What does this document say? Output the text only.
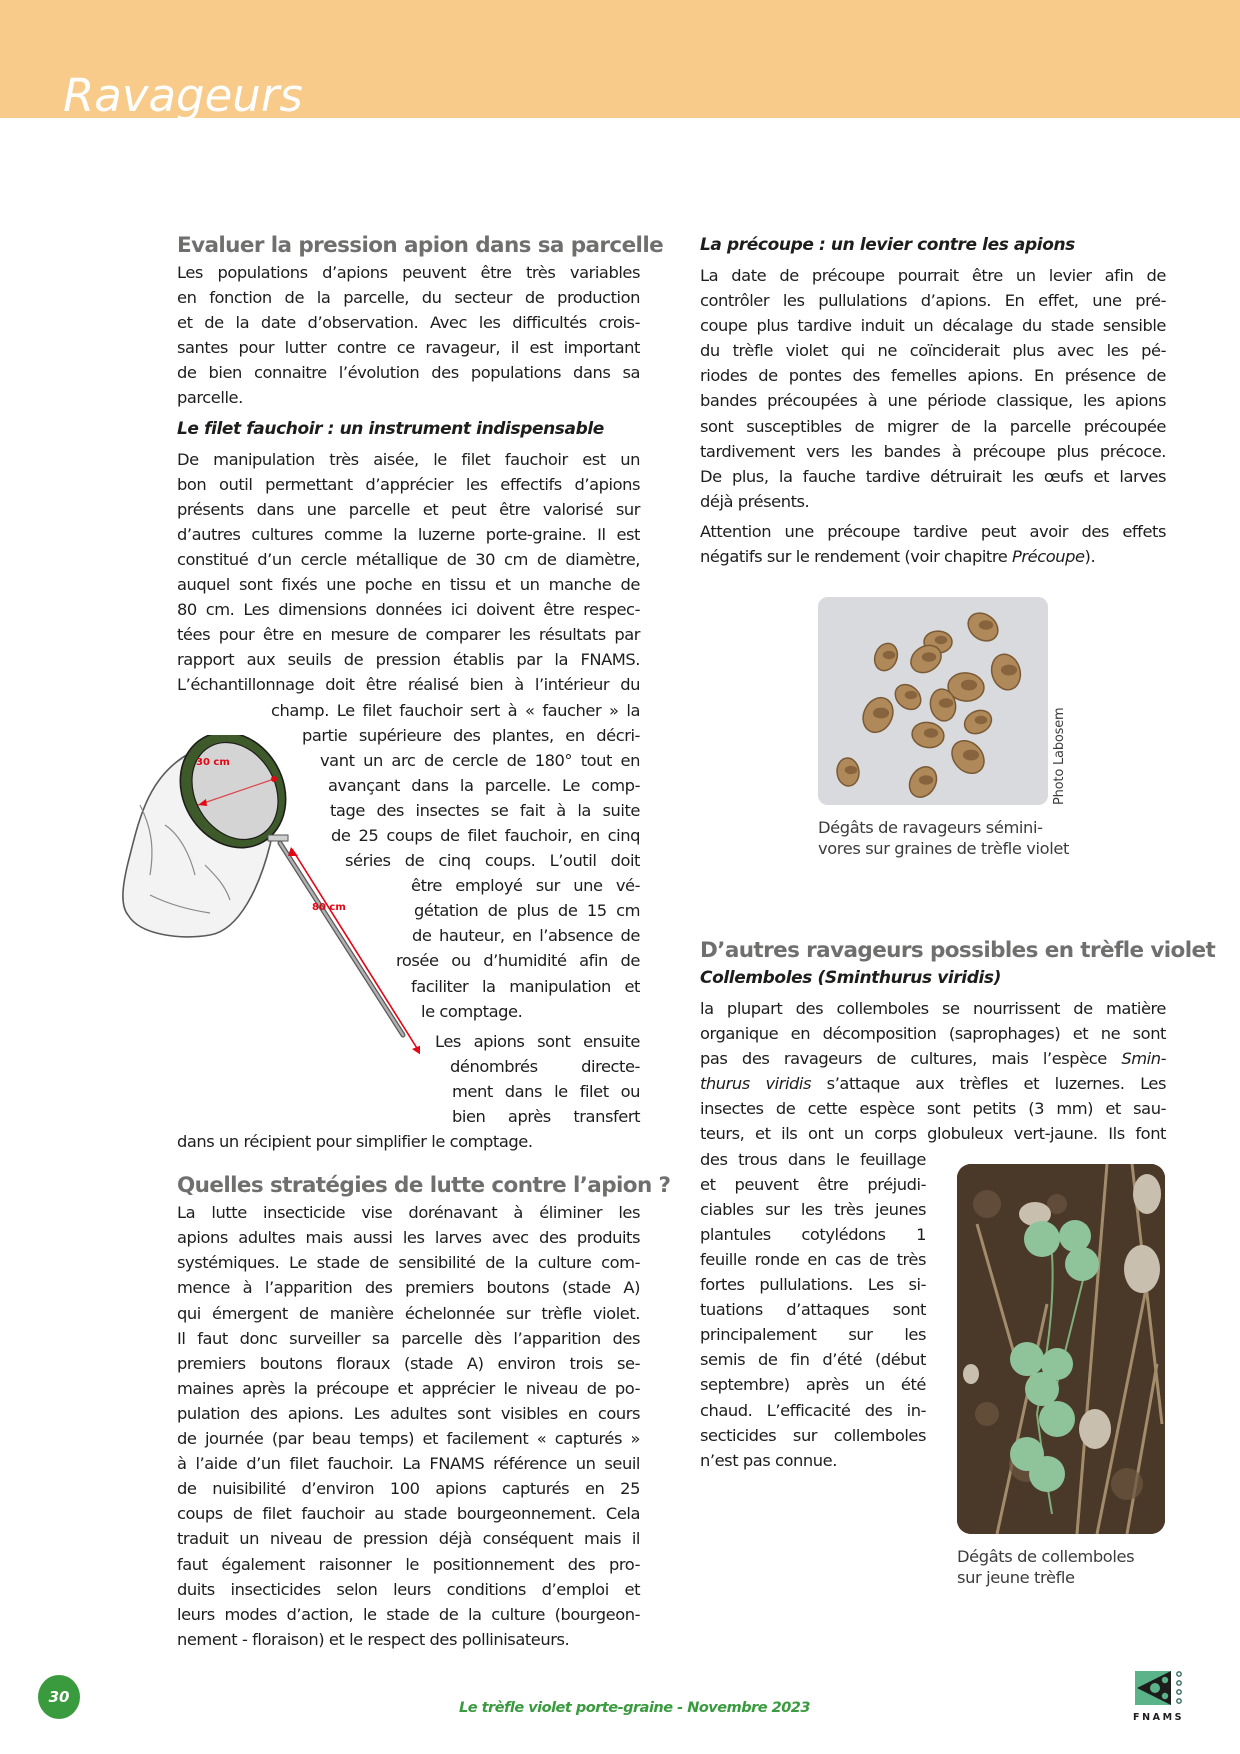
Ravageurs
Evaluer la pression apion dans sa parcelle
Les populations d’apions peuvent être très variables
en fonction de la parcelle, du secteur de production
et de la date d’observation. Avec les difficultés crois-
santes pour lutter contre ce ravageur, il est important
de bien connaitre l’évolution des populations dans sa
parcelle.
Le filet fauchoir : un instrument indispensable
De manipulation très aisée, le filet fauchoir est un
bon outil permettant d’apprécier les effectifs d’apions
présents dans une parcelle et peut être valorisé sur
d’autres cultures comme la luzerne porte-graine. Il est
constitué d’un cercle métallique de 30 cm de diamètre,
auquel sont fixés une poche en tissu et un manche de
80 cm. Les dimensions données ici doivent être respec-
tées pour être en mesure de comparer les résultats par
rapport aux seuils de pression établis par la FNAMS.
L’échantillonnage doit être réalisé bien à l’intérieur du
champ. Le filet fauchoir sert à « faucher » la
partie supérieure des plantes, en décri-
vant un arc de cercle de 180° tout en
avançant dans la parcelle. Le comp-
tage des insectes se fait à la suite
de 25 coups de filet fauchoir, en cinq
séries de cinq coups. L’outil doit
être employé sur une vé-
gétation de plus de 15 cm
de hauteur, en l’absence de
rosée ou d’humidité afin de
faciliter la manipulation et
le comptage.
Les apions sont ensuite
dénombrés directe-
ment dans le filet ou
bien après transfert
dans un récipient pour simplifier le comptage.
Quelles stratégies de lutte contre l’apion ?
La lutte insecticide vise dorénavant à éliminer les
apions adultes mais aussi les larves avec des produits
systémiques. Le stade de sensibilité de la culture com-
mence à l’apparition des premiers boutons (stade A)
qui émergent de manière échelonnée sur trèfle violet.
Il faut donc surveiller sa parcelle dès l’apparition des
premiers boutons floraux (stade A) environ trois se-
maines après la précoupe et apprécier le niveau de po-
pulation des apions. Les adultes sont visibles en cours
de journée (par beau temps) et facilement « capturés »
à l’aide d’un filet fauchoir. La FNAMS référence un seuil
de nuisibilité d’environ 100 apions capturés en 25
coups de filet fauchoir au stade bourgeonnement. Cela
traduit un niveau de pression déjà conséquent mais il
faut également raisonner le positionnement des pro-
duits insecticides selon leurs conditions d’emploi et
leurs modes d’action, le stade de la culture (bourgeon-
nement - floraison) et le respect des pollinisateurs.
30 cm
80 cm
La précoupe : un levier contre les apions
La date de précoupe pourrait être un levier afin de
contrôler les pullulations d’apions. En effet, une pré-
coupe plus tardive induit un décalage du stade sensible
du trèfle violet qui ne coïnciderait plus avec les pé-
riodes de pontes des femelles apions. En présence de
bandes précoupées à une période classique, les apions
sont susceptibles de migrer de la parcelle précoupée
tardivement vers les bandes à précoupe plus précoce.
De plus, la fauche tardive détruirait les œufs et larves
déjà présents.
Attention une précoupe tardive peut avoir des effets
négatifs sur le rendement (voir chapitre Précoupe).
Photo Labosem
Dégâts de ravageurs sémini-
vores sur graines de trèfle violet
D’autres ravageurs possibles en trèfle violet
Collemboles (Sminthurus viridis)
la plupart des collemboles se nourrissent de matière
organique en décomposition (saprophages) et ne sont
pas des ravageurs de cultures, mais l’espèce Smin-
thurus viridis s’attaque aux trèfles et luzernes. Les
insectes de cette espèce sont petits (3 mm) et sau-
teurs, et ils ont un corps globuleux vert-jaune. Ils font
des trous dans le feuillage
et peuvent être préjudi-
ciables sur les très jeunes
plantules cotylédons 1
feuille ronde en cas de très
fortes pullulations. Les si-
tuations d’attaques sont
principalement sur les
semis de fin d’été (début
septembre) après un été
chaud. L’efficacité des in-
secticides sur collemboles
n’est pas connue.
Dégâts de collemboles
sur jeune trèfle
30
Le trèfle violet porte-graine - Novembre 2023
FNAMS
